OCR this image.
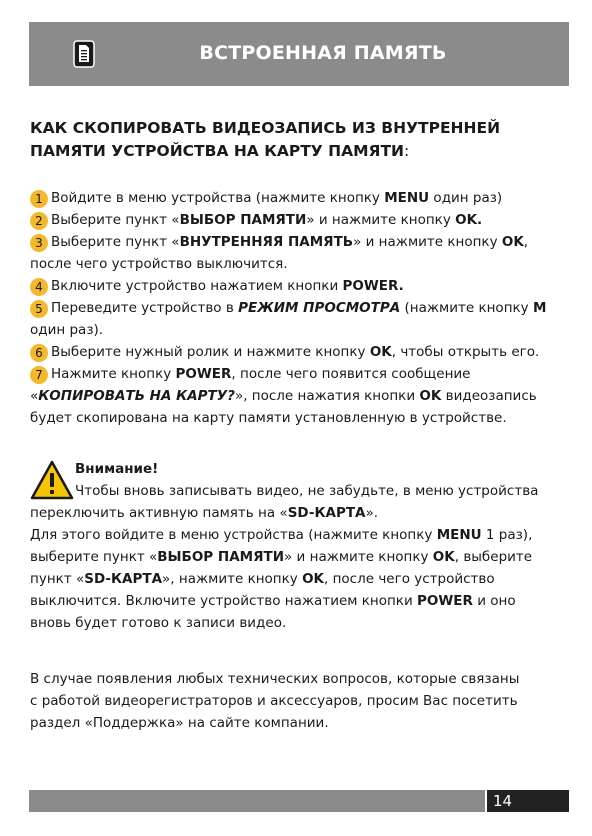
ВСТРОЕННАЯ ПАМЯТЬ
КАК СКОПИРОВАТЬ ВИДЕОЗАПИСЬ ИЗ ВНУТРЕННЕЙ
ПАМЯТИ УСТРОЙСТВА НА КАРТУ ПАМЯТИ:

1 Войдите в меню устройства (нажмите кнопку MENU один раз)

2 Выберите пункт «ВЫБОР ПАМЯТИ» и нажмите кнопку OK.

3 Выберите пункт «ВНУТРЕННЯЯ ПАМЯТЬ» и нажмите кнопку OK,
после чего устройство выключится.

4 Включите устройство нажатием кнопки POWER.

5 Переведите устройство в РЕЖИМ ПРОСМОТРА (нажмите кнопку M
один раз).

6 Выберите нужный ролик и нажмите кнопку OK, чтобы открыть его.

7 Нажмите кнопку POWER, после чего появится сообщение
«КОПИРОВАТЬ НА КАРТУ?», после нажатия кнопки OK видеозапись
будет скопирована на карту памяти установленную в устройстве.

Внимание!

Чтобы вновь записывать видео, не забудьте, в меню устройства

переключить активную память на «SD-КАРТА».

Для этого войдите в меню устройства (нажмите кнопку MENU 1 раз),

выберите пункт «ВЫБОР ПАМЯТИ» и нажмите кнопку OK, выберите

пункт «SD-КАРТА», нажмите кнопку OK, после чего устройство

выключится. Включите устройство нажатием кнопки POWER и оно

вновь будет готово к записи видео.

В случае появления любых технических вопросов, которые связаны
с работой видеорегистраторов и аксессуаров, просим Вас посетить
раздел «Поддержка» на сайте компании.

14
